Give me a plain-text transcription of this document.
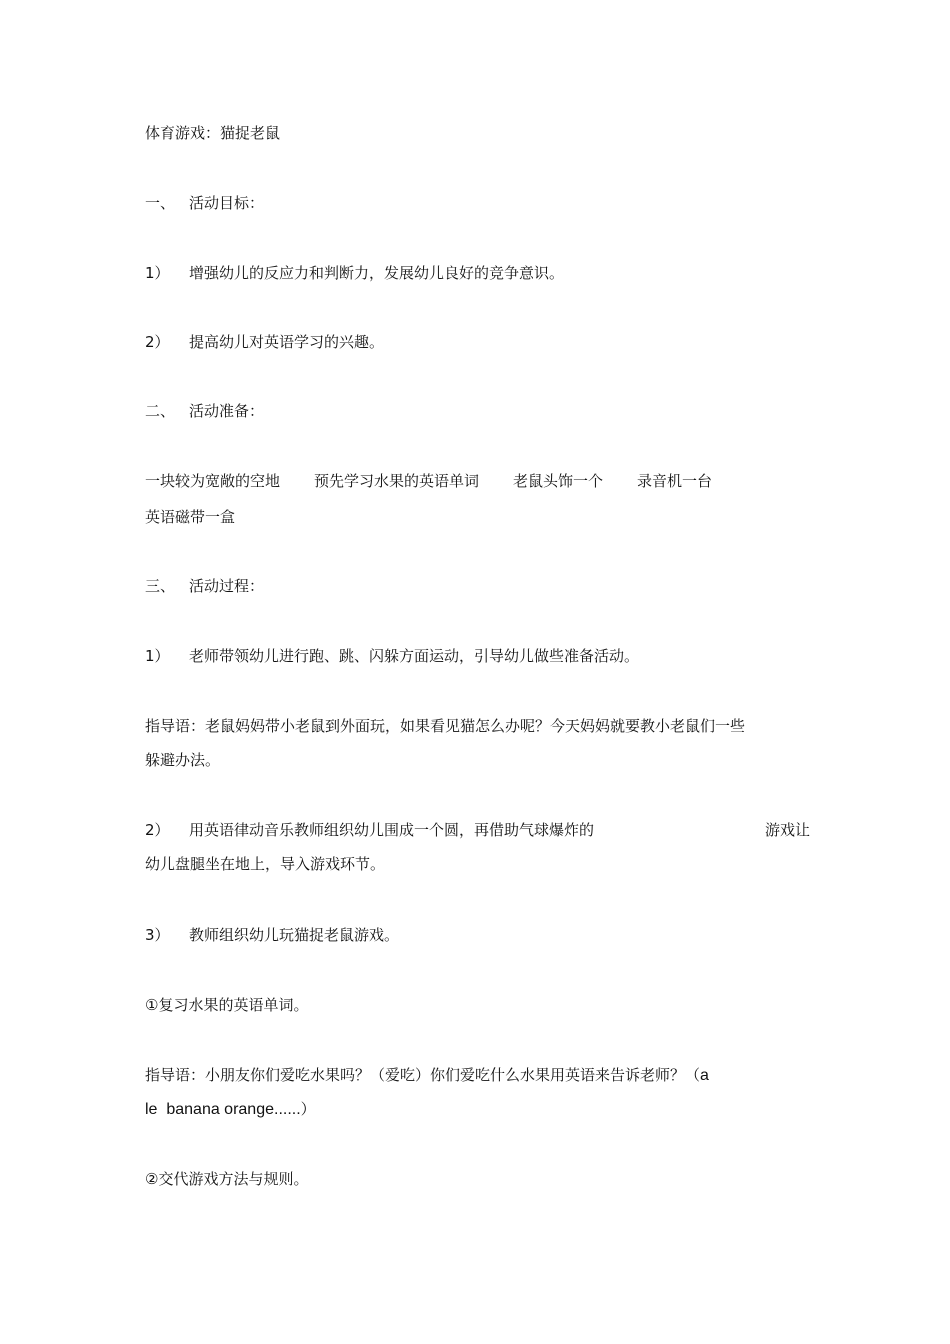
体育游戏：猫捉老鼠
一、 活动目标：
1） 增强幼儿的反应力和判断力，发展幼儿良好的竞争意识。
2） 提高幼儿对英语学习的兴趣。
二、 活动准备：
一块较为宽敞的空地 预先学习水果的英语单词 老鼠头饰一个 录音机一台
英语磁带一盒
三、 活动过程：
1） 老师带领幼儿进行跑、跳、闪躲方面运动，引导幼儿做些准备活动。
指导语：老鼠妈妈带小老鼠到外面玩，如果看见猫怎么办呢？今天妈妈就要教小老鼠们一些
躲避办法。
2） 用英语律动音乐教师组织幼儿围成一个圆，再借助气球爆炸的	游戏让
幼儿盘腿坐在地上，导入游戏环节。
3） 教师组织幼儿玩猫捉老鼠游戏。
①复习水果的英语单词。
指导语：小朋友你们爱吃水果吗？（爱吃）你们爱吃什么水果用英语来告诉老师？（a
le  banana orange......）
②交代游戏方法与规则。
